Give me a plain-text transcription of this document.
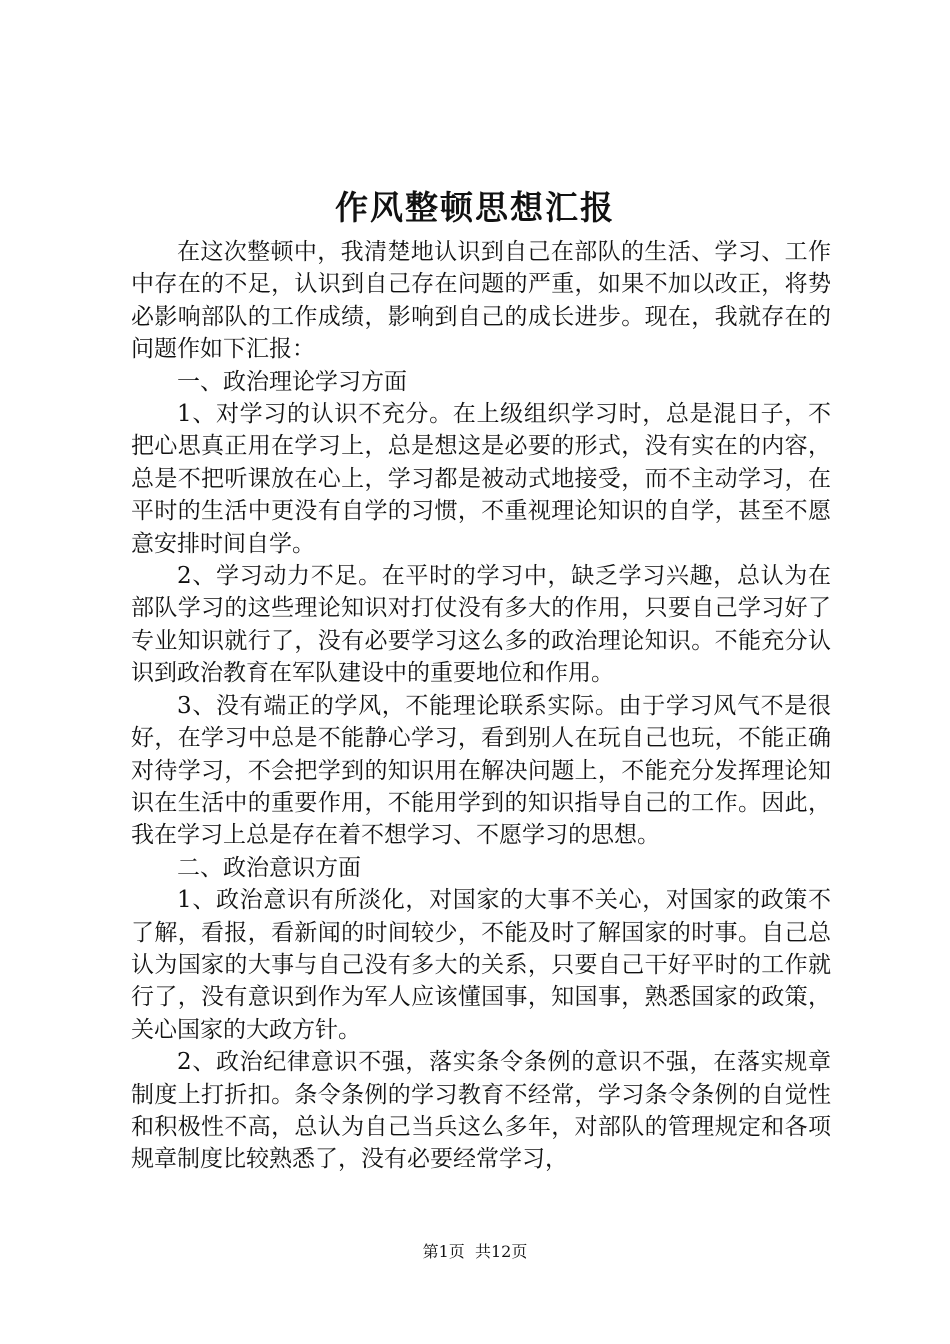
作风整顿思想汇报

在这次整顿中，我清楚地认识到自己在部队的生活、学习、工作中存在的不足，认识到自己存在问题的严重，如果不加以改正，将势必影响部队的工作成绩，影响到自己的成长进步。现在，我就存在的问题作如下汇报：

一、政治理论学习方面

1、对学习的认识不充分。在上级组织学习时，总是混日子，不把心思真正用在学习上，总是想这是必要的形式，没有实在的内容，总是不把听课放在心上，学习都是被动式地接受，而不主动学习，在平时的生活中更没有自学的习惯，不重视理论知识的自学，甚至不愿意安排时间自学。

2、学习动力不足。在平时的学习中，缺乏学习兴趣，总认为在部队学习的这些理论知识对打仗没有多大的作用，只要自己学习好了专业知识就行了，没有必要学习这么多的政治理论知识。不能充分认识到政治教育在军队建设中的重要地位和作用。

3、没有端正的学风，不能理论联系实际。由于学习风气不是很好，在学习中总是不能静心学习，看到别人在玩自己也玩，不能正确对待学习，不会把学到的知识用在解决问题上，不能充分发挥理论知识在生活中的重要作用，不能用学到的知识指导自己的工作。因此，我在学习上总是存在着不想学习、不愿学习的思想。

二、政治意识方面

1、政治意识有所淡化，对国家的大事不关心，对国家的政策不了解，看报，看新闻的时间较少，不能及时了解国家的时事。自己总认为国家的大事与自己没有多大的关系，只要自己干好平时的工作就行了，没有意识到作为军人应该懂国事，知国事，熟悉国家的政策，关心国家的大政方针。

2、政治纪律意识不强，落实条令条例的意识不强，在落实规章制度上打折扣。条令条例的学习教育不经常，学习条令条例的自觉性和积极性不高，总认为自己当兵这么多年，对部队的管理规定和各项规章制度比较熟悉了，没有必要经常学习，

第1页 共12页
